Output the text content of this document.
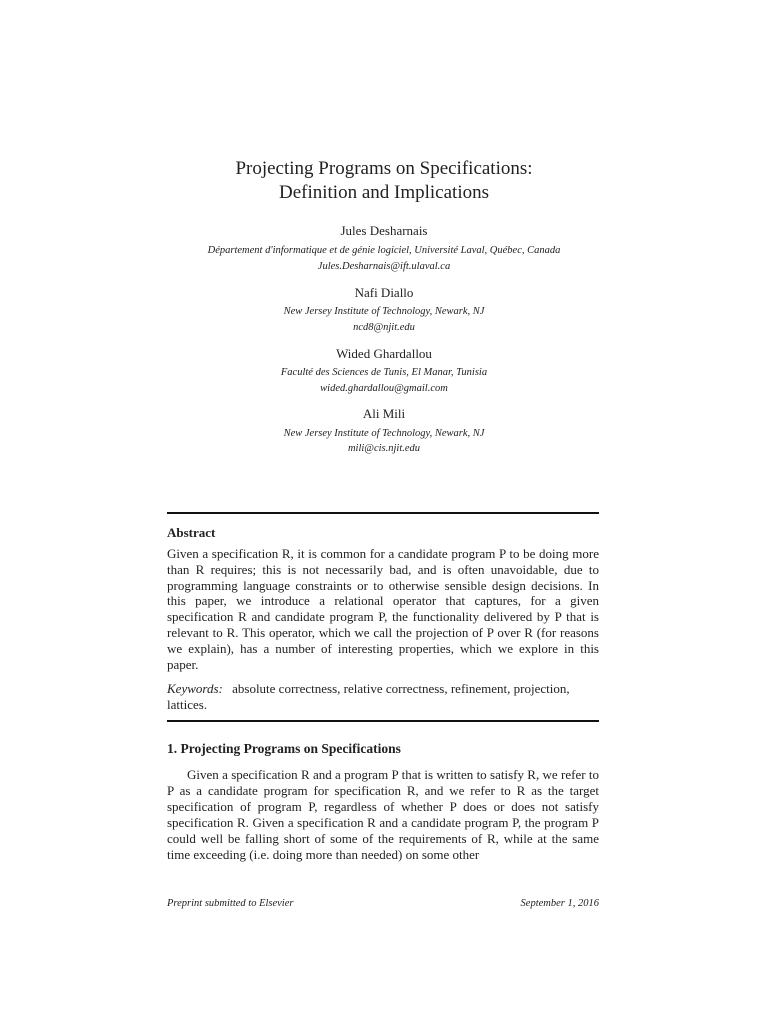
Projecting Programs on Specifications:
Definition and Implications
Jules Desharnais
Département d'informatique et de génie logiciel, Université Laval, Québec, Canada
Jules.Desharnais@ift.ulaval.ca
Nafi Diallo
New Jersey Institute of Technology, Newark, NJ
ncd8@njit.edu
Wided Ghardallou
Faculté des Sciences de Tunis, El Manar, Tunisia
wided.ghardallou@gmail.com
Ali Mili
New Jersey Institute of Technology, Newark, NJ
mili@cis.njit.edu
Abstract
Given a specification R, it is common for a candidate program P to be doing more than R requires; this is not necessarily bad, and is often unavoidable, due to programming language constraints or to otherwise sensible design decisions. In this paper, we introduce a relational operator that captures, for a given specification R and candidate program P, the functionality delivered by P that is relevant to R. This operator, which we call the projection of P over R (for reasons we explain), has a number of interesting properties, which we explore in this paper.
Keywords: absolute correctness, relative correctness, refinement, projection, lattices.
1. Projecting Programs on Specifications
Given a specification R and a program P that is written to satisfy R, we refer to P as a candidate program for specification R, and we refer to R as the target specification of program P, regardless of whether P does or does not satisfy specification R. Given a specification R and a candidate program P, the program P could well be falling short of some of the requirements of R, while at the same time exceeding (i.e. doing more than needed) on some other
Preprint submitted to Elsevier	September 1, 2016
